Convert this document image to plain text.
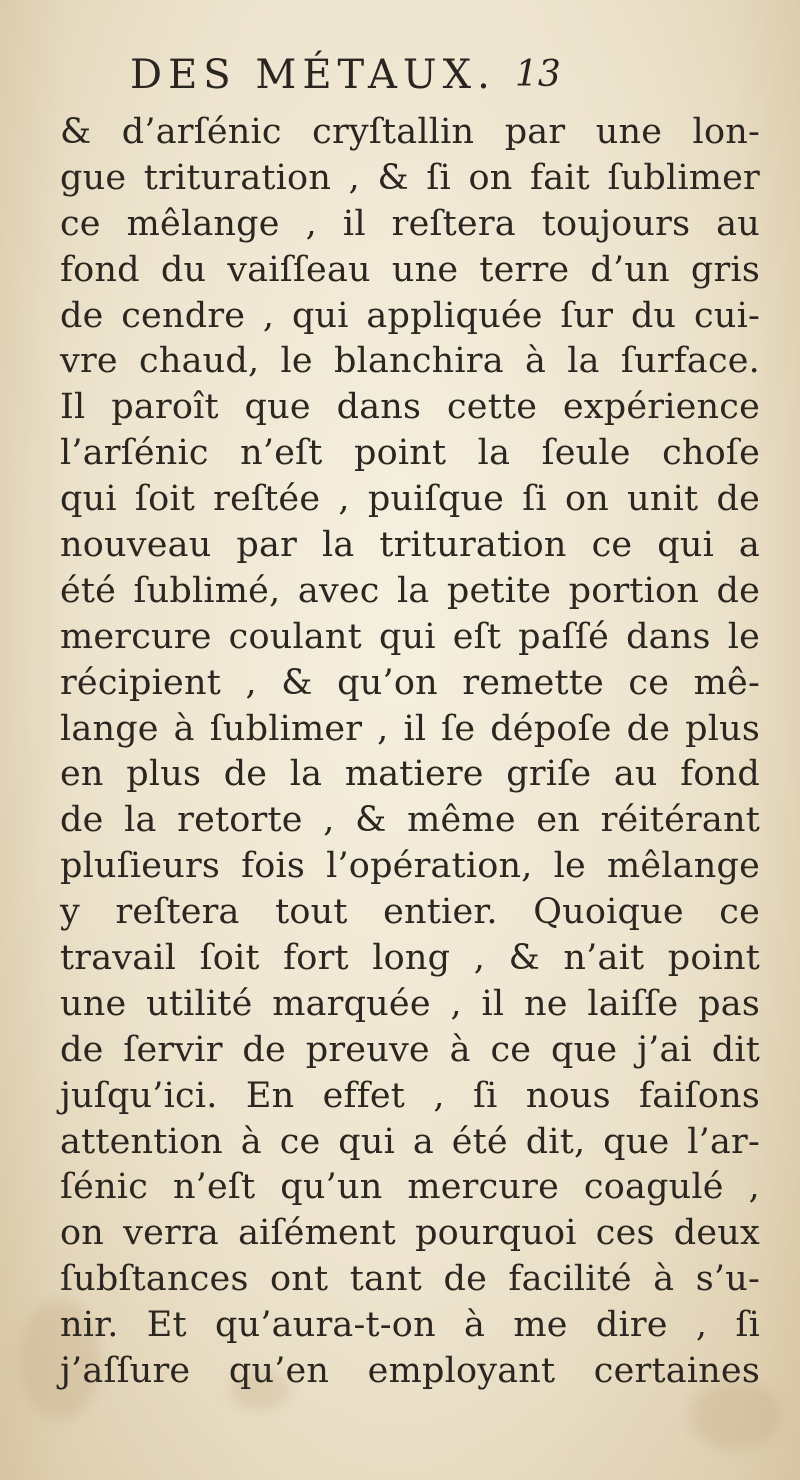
DES MÉTAUX. 13
& d’arſénic cryſtallin par une lon-
gue trituration , & ſi on fait ſublimer
ce mêlange , il reſtera toujours au
fond du vaiſſeau une terre d’un gris
de cendre , qui appliquée ſur du cui-
vre chaud, le blanchira à la ſurface.
Il paroît que dans cette expérience
l’arſénic n’eſt point la ſeule choſe
qui ſoit reſtée , puiſque ſi on unit de
nouveau par la trituration ce qui a
été ſublimé, avec la petite portion de
mercure coulant qui eſt paſſé dans le
récipient , & qu’on remette ce mê-
lange à ſublimer , il ſe dépoſe de plus
en plus de la matiere griſe au fond
de la retorte , & même en réitérant
pluſieurs fois l’opération, le mêlange
y reſtera tout entier. Quoique ce
travail ſoit fort long , & n’ait point
une utilité marquée , il ne laiſſe pas
de ſervir de preuve à ce que j’ai dit
juſqu’ici. En effet , ſi nous faiſons
attention à ce qui a été dit, que l’ar-
ſénic n’eſt qu’un mercure coagulé ,
on verra aiſément pourquoi ces deux
ſubſtances ont tant de facilité à s’u-
nir. Et qu’aura-t-on à me dire , ſi
j’aſſure qu’en employant certaines
